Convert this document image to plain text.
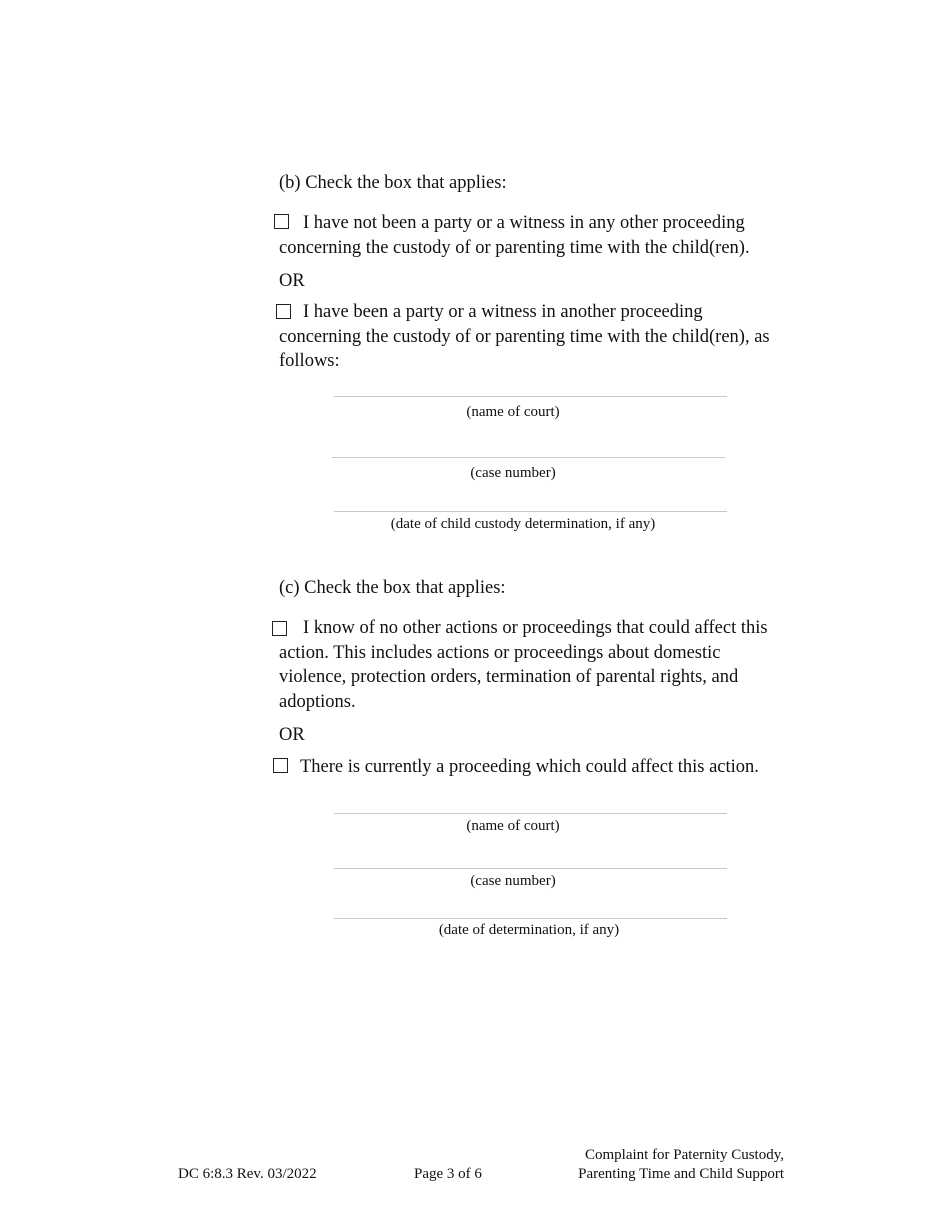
(b) Check the box that applies:
I have not been a party or a witness in any other proceeding
concerning the custody of or parenting time with the child(ren).
OR
I have been a party or a witness in another proceeding
concerning the custody of or parenting time with the child(ren), as follows:
(name of court)
(case number)
(date of child custody determination, if any)
(c) Check the box that applies:
I know of no other actions or proceedings that could affect this
action. This includes actions or proceedings about domestic violence, protection orders, termination of parental rights, and adoptions.
OR
There is currently a proceeding which could affect this action.
(name of court)
(case number)
(date of determination, if any)
DC 6:8.3 Rev. 03/2022	Page 3 of 6
Complaint for Paternity Custody,
Parenting Time and Child Support
